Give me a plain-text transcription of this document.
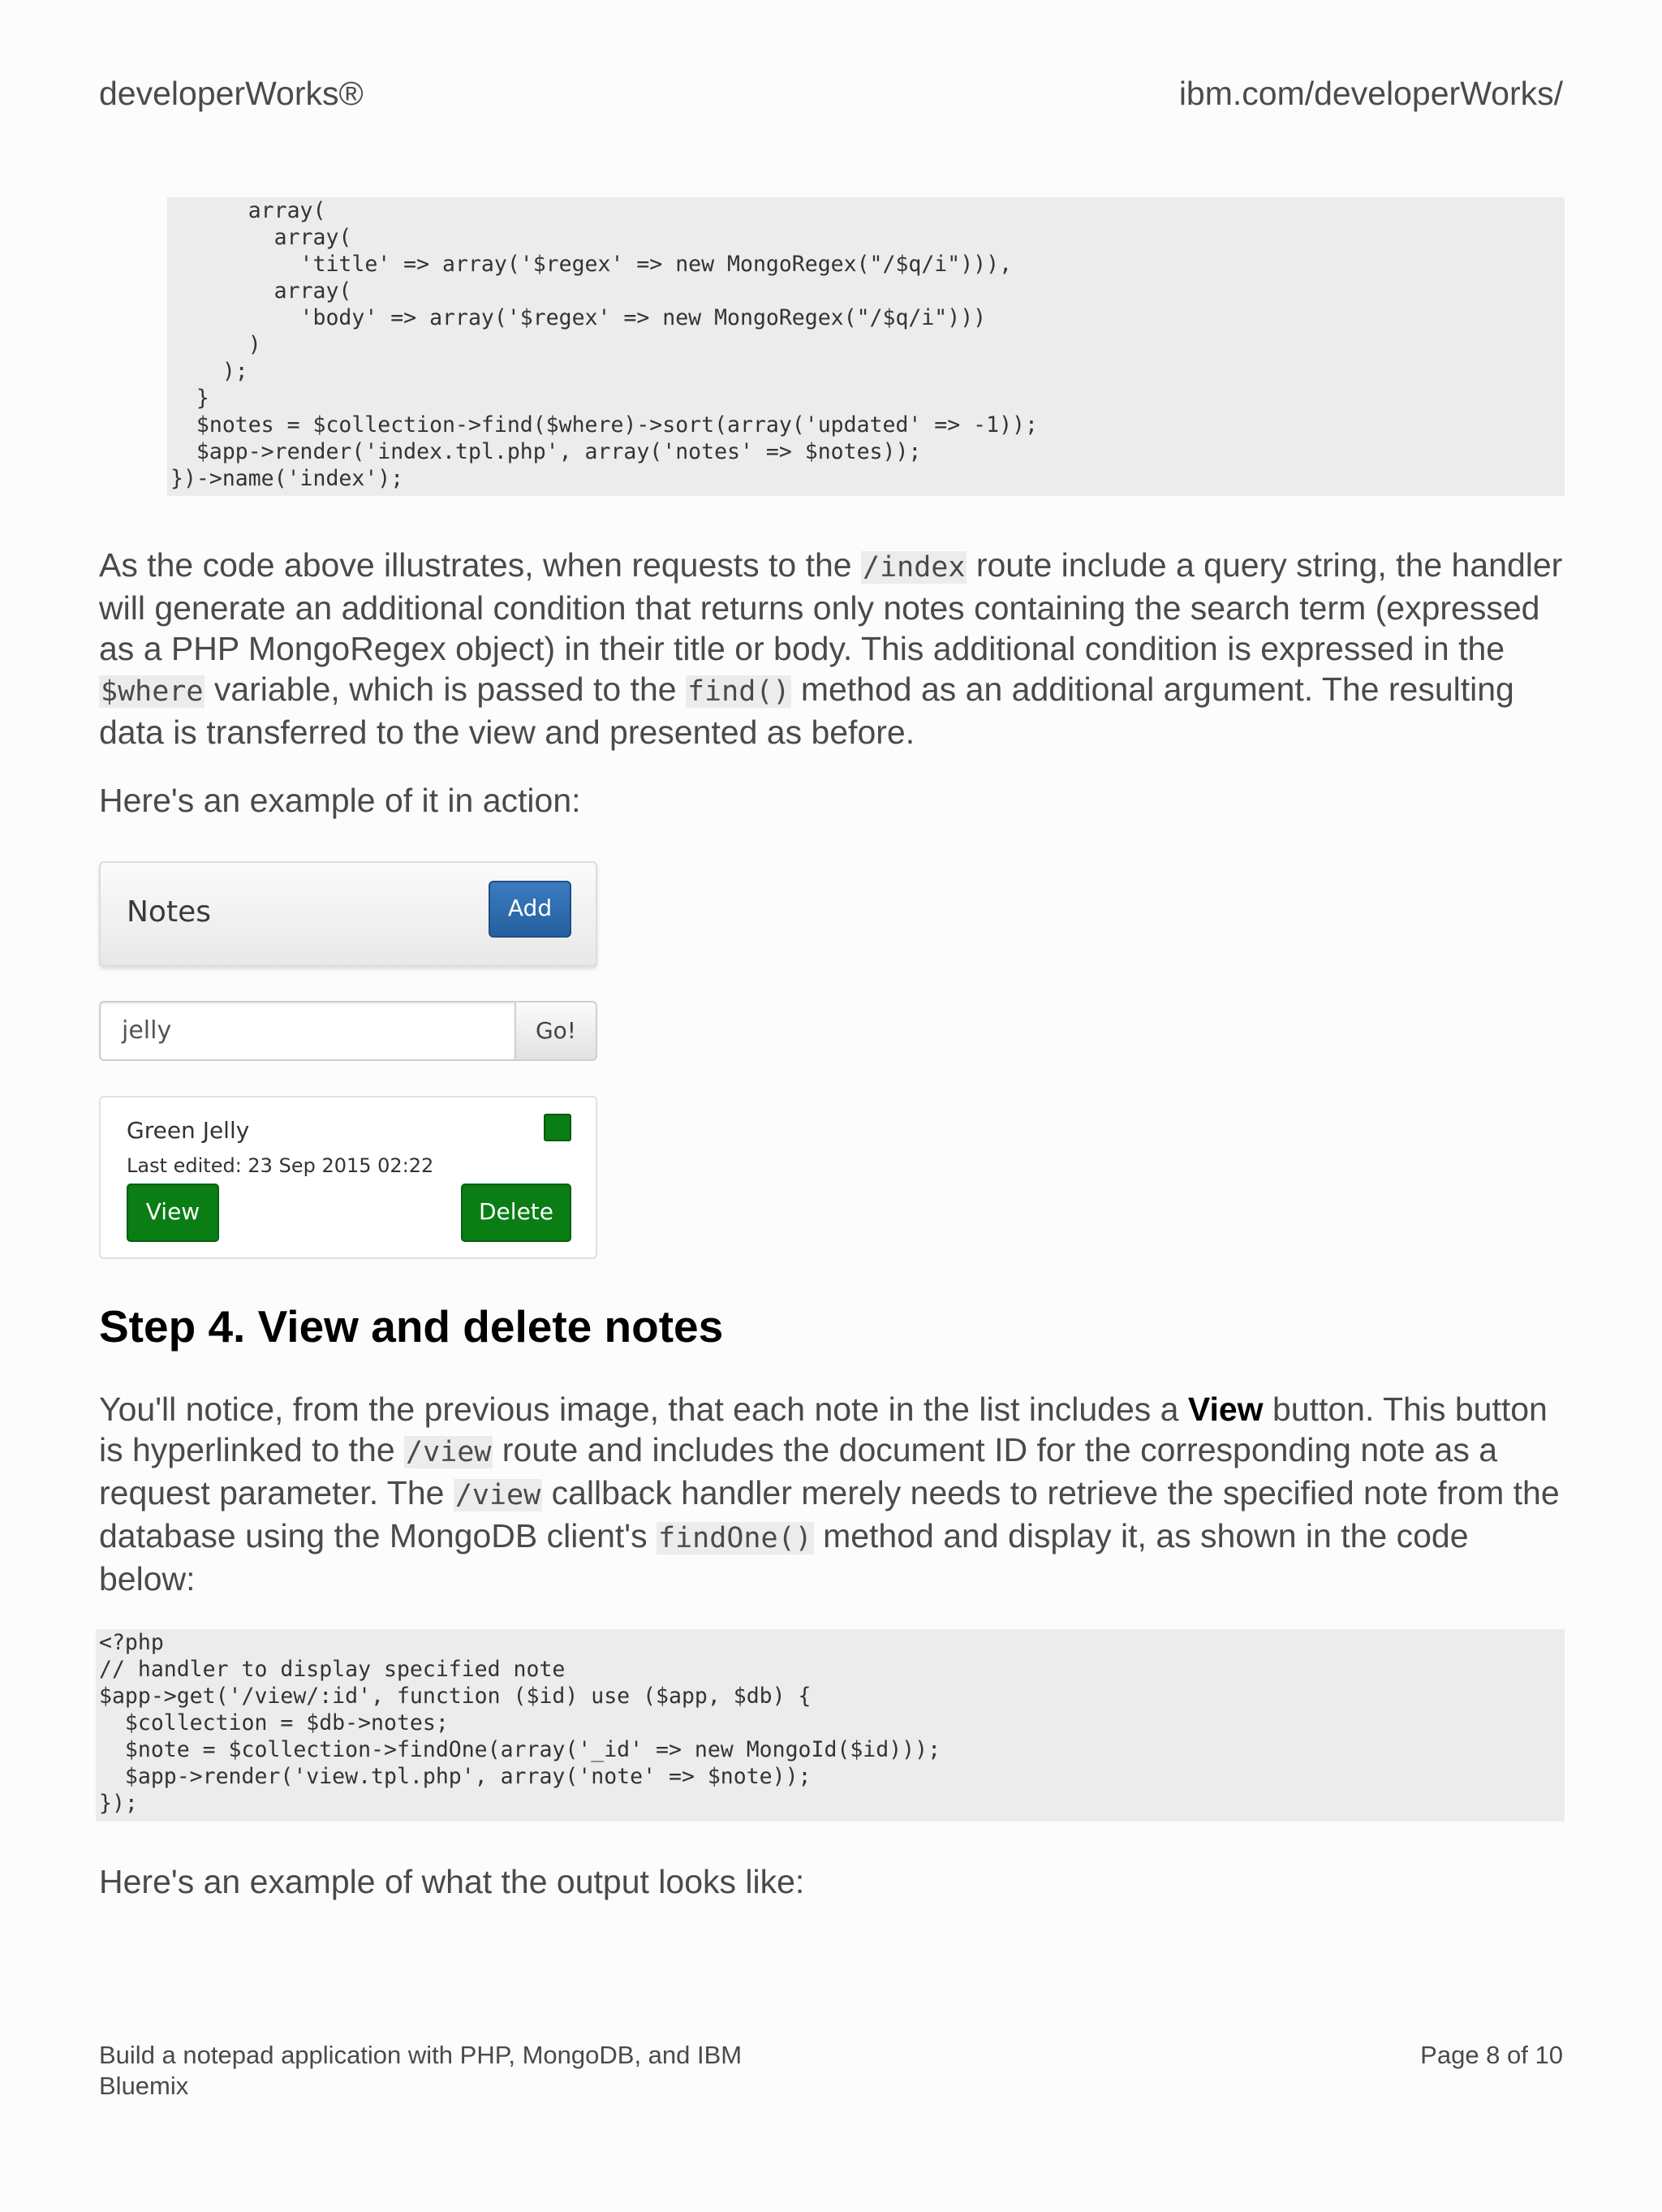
developerWorks®	ibm.com/developerWorks/
array(
array(
'title' => array('$regex' => new MongoRegex("/$q/i"))),
array(
'body' => array('$regex' => new MongoRegex("/$q/i")))
)
);
}
$notes = $collection->find($where)->sort(array('updated' => -1));
$app->render('index.tpl.php', array('notes' => $notes));
})->name('index');

As the code above illustrates, when requests to the /index route include a query string, the handler will generate an additional condition that returns only notes containing the search term (expressed as a PHP MongoRegex object) in their title or body. This additional condition is expressed in the $where variable, which is passed to the find() method as an additional argument. The resulting data is transferred to the view and presented as before.

Here's an example of it in action:

Notes	Add
jelly	Go!
Green Jelly
Last edited: 23 Sep 2015 02:22
View	Delete
Step 4. View and delete notes

You'll notice, from the previous image, that each note in the list includes a View button. This button is hyperlinked to the /view route and includes the document ID for the corresponding note as a request parameter. The /view callback handler merely needs to retrieve the specified note from the database using the MongoDB client's findOne() method and display it, as shown in the code below:

<?php
// handler to display specified note
$app->get('/view/:id', function ($id) use ($app, $db) {
$collection = $db->notes;
$note = $collection->findOne(array('_id' => new MongoId($id)));
$app->render('view.tpl.php', array('note' => $note));
});

Here's an example of what the output looks like:

Build a notepad application with PHP, MongoDB, and IBM Bluemix
Page 8 of 10
